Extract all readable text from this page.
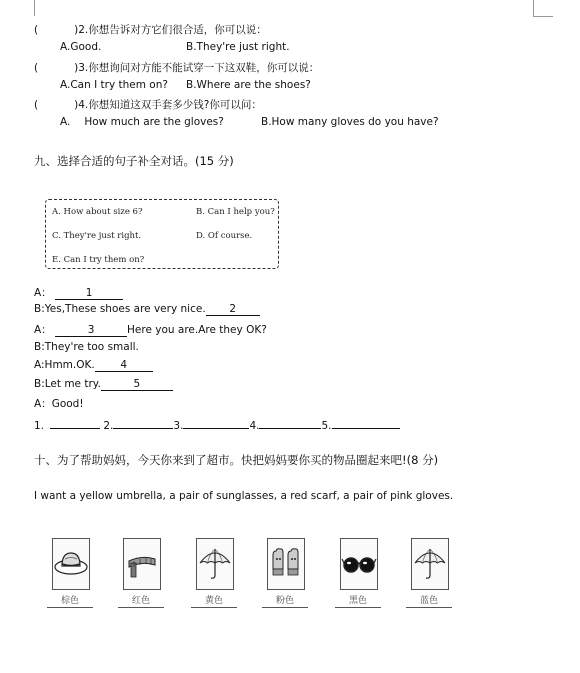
(	)2.你想告诉对方它们很合适，你可以说：
A.Good.	B.They're just right.
(	)3.你想询问对方能不能试穿一下这双鞋，你可以说：
A.Can I try them on? B.Where are the shoes?
(	)4.你想知道这双手套多少钱?你可以问：
A. How much are the gloves?	B.How many gloves do you have?
九、选择合适的句子补全对话。(15 分)
A. How about size 6?	B. Can I help you?
C. They're just right.	D. Of course.
E. Can I try them on?
A：	1
B:Yes,These shoes are very nice. 2
A：	3	Here you are.Are they OK?
B:They're too small.
A:Hmm.OK. 4
B:Let me try.	5
A：Good!
1.	2.	3.	4.	5.
十、为了帮助妈妈，今天你来到了超市。快把妈妈要你买的物品圈起来吧!(8 分)
I want a yellow umbrella, a pair of sunglasses, a red scarf, a pair of pink gloves.
棕色	红色	黄色	粉色	黑色	蓝色
